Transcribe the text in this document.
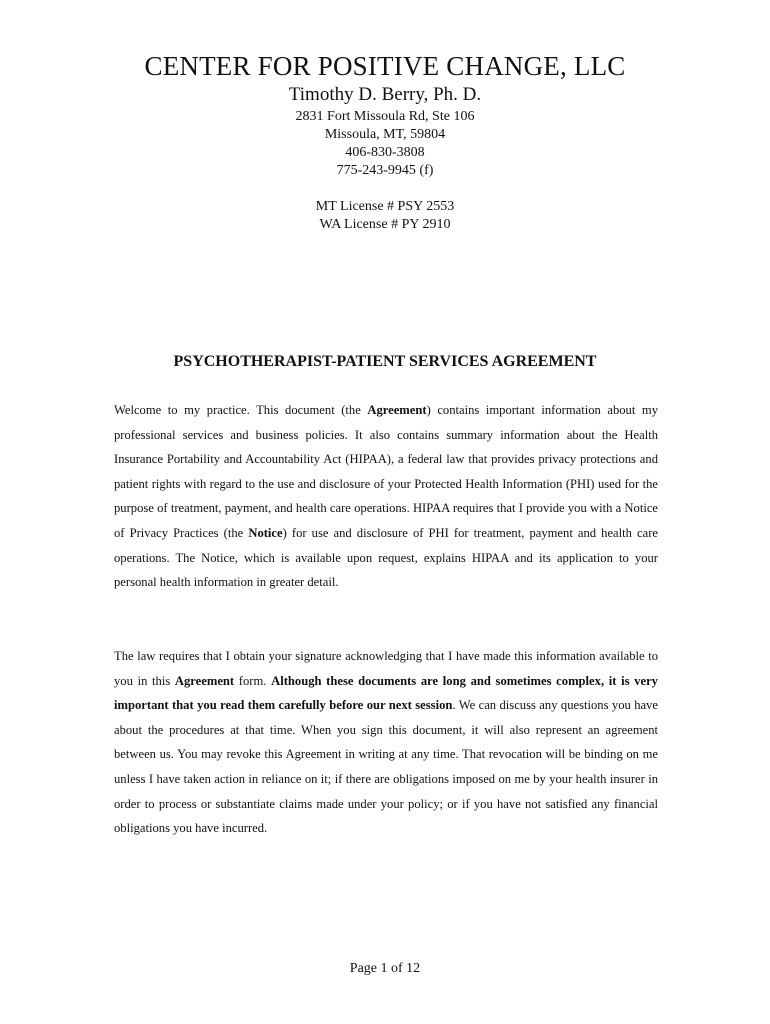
CENTER FOR POSITIVE CHANGE, LLC
Timothy D. Berry, Ph. D.
2831 Fort Missoula Rd, Ste 106
Missoula, MT, 59804
406-830-3808
775-243-9945 (f)
MT License # PSY 2553
WA License # PY 2910
PSYCHOTHERAPIST-PATIENT SERVICES AGREEMENT

Welcome to my practice. This document (the Agreement) contains important information about my professional services and business policies. It also contains summary information about the Health Insurance Portability and Accountability Act (HIPAA), a federal law that provides privacy protections and patient rights with regard to the use and disclosure of your Protected Health Information (PHI) used for the purpose of treatment, payment, and health care operations. HIPAA requires that I provide you with a Notice of Privacy Practices (the Notice) for use and disclosure of PHI for treatment, payment and health care operations. The Notice, which is available upon request, explains HIPAA and its application to your personal health information in greater detail.

The law requires that I obtain your signature acknowledging that I have made this information available to you in this Agreement form. Although these documents are long and sometimes complex, it is very important that you read them carefully before our next session. We can discuss any questions you have about the procedures at that time. When you sign this document, it will also represent an agreement between us. You may revoke this Agreement in writing at any time. That revocation will be binding on me unless I have taken action in reliance on it; if there are obligations imposed on me by your health insurer in order to process or substantiate claims made under your policy; or if you have not satisfied any financial obligations you have incurred.

Page 1 of 12
